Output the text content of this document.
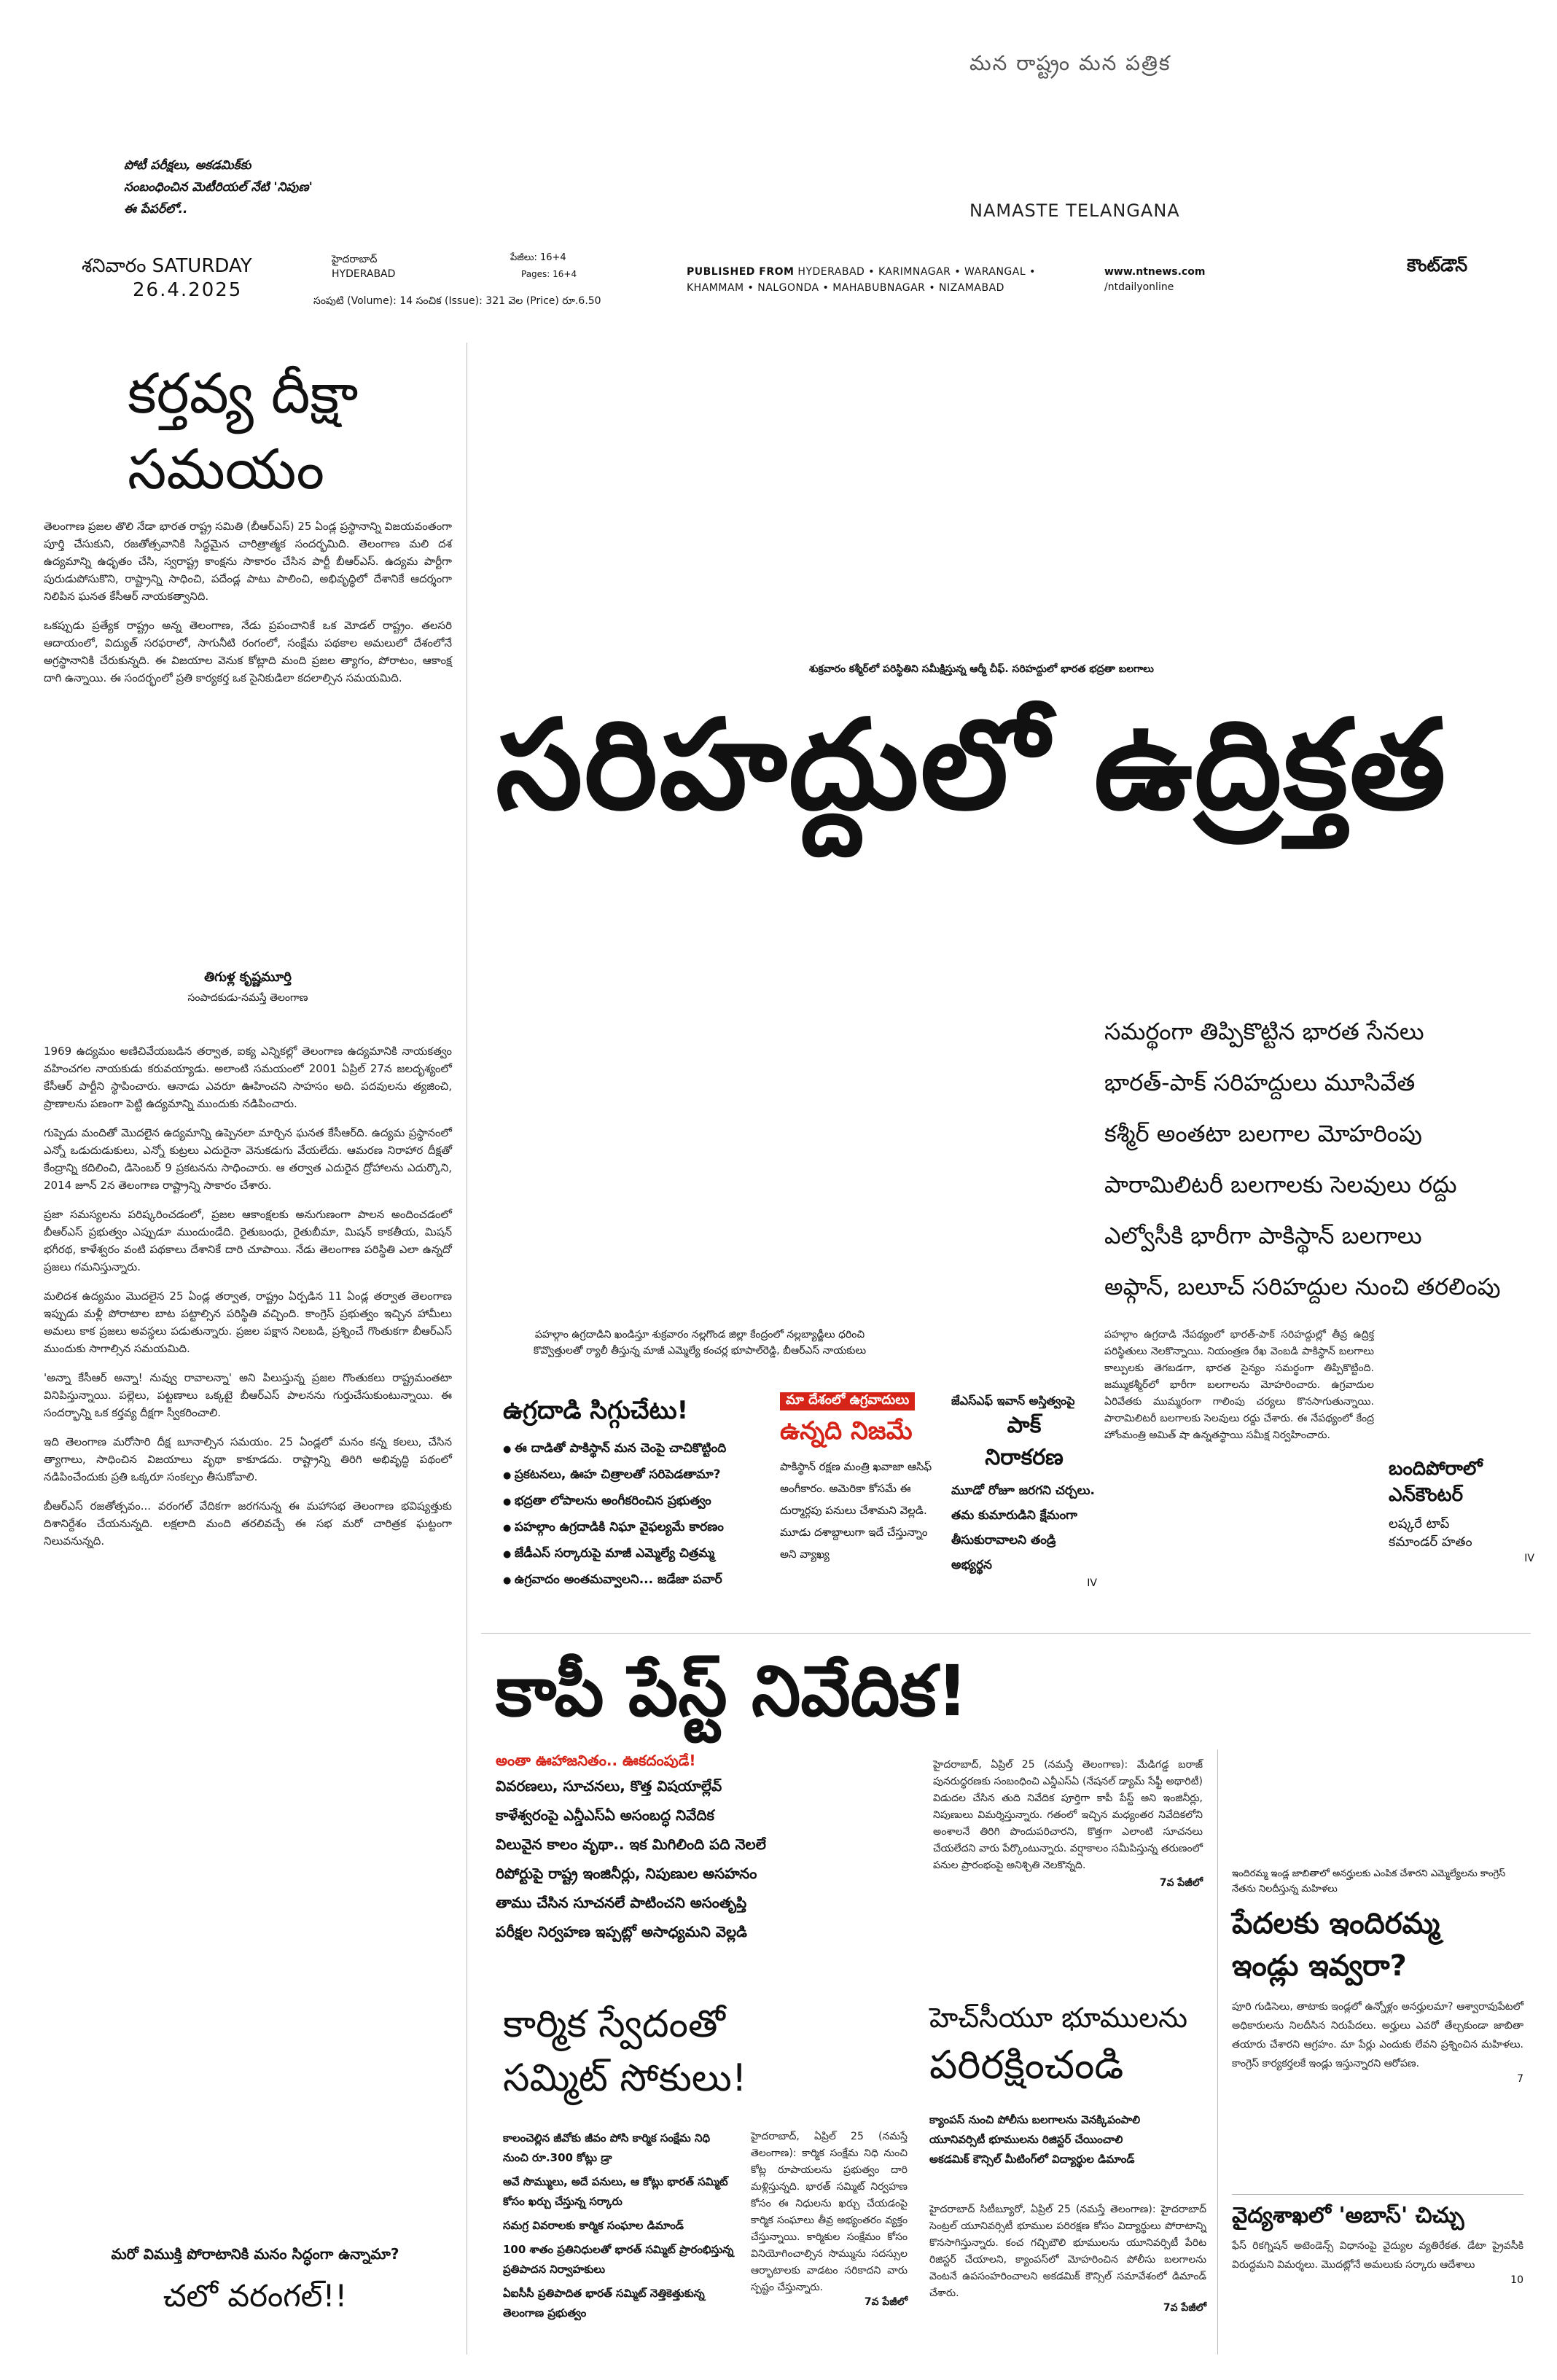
మన రాష్ట్రం మన పత్రిక
పోటీ పరీక్షలు, అకడమిక్‌కు సంబంధించిన మెటీరియల్ నేటి 'నిపుణ' ఈ పేపర్‌లో..	NAMASTE TELANGANA
శనివారం SATURDAY
26.4.2025
హైదరాబాద్
HYDERABAD
పేజీలు: 16+4
Pages: 16+4
సంపుటి (Volume): 14 సంచిక (Issue): 321 వెల (Price) రూ.6.50
PUBLISHED FROM HYDERABAD • KARIMNAGAR • WARANGAL • KHAMMAM • NALGONDA • MAHABUBNAGAR • NIZAMABAD
www.ntnews.com
/ntdailyonline
కౌంట్‌డౌన్
కర్తవ్య దీక్షా
సమయం

తెలంగాణ ప్రజల తొలి నేడా భారత రాష్ట్ర సమితి (బీఆర్‌ఎస్) 25 ఏండ్ల ప్రస్థానాన్ని విజయవంతంగా పూర్తి చేసుకుని, రజతోత్సవానికి సిద్ధమైన చారిత్రాత్మక సందర్భమిది. తెలంగాణ మలి దశ ఉద్యమాన్ని ఉధృతం చేసి, స్వరాష్ట్ర కాంక్షను సాకారం చేసిన పార్టీ బీఆర్‌ఎస్. ఉద్యమ పార్టీగా పురుడుపోసుకొని, రాష్ట్రాన్ని సాధించి, పదేండ్ల పాటు పాలించి, అభివృద్ధిలో దేశానికే ఆదర్శంగా నిలిపిన ఘనత కేసీఆర్ నాయకత్వానిది.

ఒకప్పుడు ప్రత్యేక రాష్ట్రం అన్న తెలంగాణ, నేడు ప్రపంచానికే ఒక మోడల్ రాష్ట్రం. తలసరి ఆదాయంలో, విద్యుత్ సరఫరాలో, సాగునీటి రంగంలో, సంక్షేమ పథకాల అమలులో దేశంలోనే అగ్రస్థానానికి చేరుకున్నది. ఈ విజయాల వెనుక కోట్లాది మంది ప్రజల త్యాగం, పోరాటం, ఆకాంక్ష దాగి ఉన్నాయి. ఈ సందర్భంలో ప్రతి కార్యకర్త ఒక సైనికుడిలా కదలాల్సిన సమయమిది.

తిగుళ్ల కృష్ణమూర్తి
సంపాదకుడు-నమస్తే తెలంగాణ

1969 ఉద్యమం అణిచివేయబడిన తర్వాత, ఐక్య ఎన్నికల్లో తెలంగాణ ఉద్యమానికి నాయకత్వం వహించగల నాయకుడు కరువయ్యాడు. అలాంటి సమయంలో 2001 ఏప్రిల్ 27న జలదృశ్యంలో కేసీఆర్ పార్టీని స్థాపించారు. ఆనాడు ఎవరూ ఊహించని సాహసం అది. పదవులను త్యజించి, ప్రాణాలను పణంగా పెట్టి ఉద్యమాన్ని ముందుకు నడిపించారు.

గుప్పెడు మందితో మొదలైన ఉద్యమాన్ని ఉప్పెనలా మార్చిన ఘనత కేసీఆర్‌ది. ఉద్యమ ప్రస్థానంలో ఎన్నో ఒడుదుడుకులు, ఎన్నో కుట్రలు ఎదురైనా వెనుకడుగు వేయలేదు. ఆమరణ నిరాహార దీక్షతో కేంద్రాన్ని కదిలించి, డిసెంబర్ 9 ప్రకటనను సాధించారు. ఆ తర్వాత ఎదురైన ద్రోహాలను ఎదుర్కొని, 2014 జూన్ 2న తెలంగాణ రాష్ట్రాన్ని సాకారం చేశారు.

ప్రజా సమస్యలను పరిష్కరించడంలో, ప్రజల ఆకాంక్షలకు అనుగుణంగా పాలన అందించడంలో బీఆర్‌ఎస్ ప్రభుత్వం ఎప్పుడూ ముందుండేది. రైతుబంధు, రైతుబీమా, మిషన్ కాకతీయ, మిషన్ భగీరథ, కాళేశ్వరం వంటి పథకాలు దేశానికే దారి చూపాయి. నేడు తెలంగాణ పరిస్థితి ఎలా ఉన్నదో ప్రజలు గమనిస్తున్నారు.

మలిదశ ఉద్యమం మొదలైన 25 ఏండ్ల తర్వాత, రాష్ట్రం ఏర్పడిన 11 ఏండ్ల తర్వాత తెలంగాణ ఇప్పుడు మళ్లీ పోరాటాల బాట పట్టాల్సిన పరిస్థితి వచ్చింది. కాంగ్రెస్ ప్రభుత్వం ఇచ్చిన హామీలు అమలు కాక ప్రజలు అవస్థలు పడుతున్నారు. ప్రజల పక్షాన నిలబడి, ప్రశ్నించే గొంతుకగా బీఆర్‌ఎస్ ముందుకు సాగాల్సిన సమయమిది.

'అన్నా కేసీఆర్ అన్నా! నువ్వు రావాలన్నా' అని పిలుస్తున్న ప్రజల గొంతుకలు రాష్ట్రమంతటా వినిపిస్తున్నాయి. పల్లెలు, పట్టణాలు ఒక్కటై బీఆర్‌ఎస్ పాలనను గుర్తుచేసుకుంటున్నాయి. ఈ సందర్భాన్ని ఒక కర్తవ్య దీక్షగా స్వీకరించాలి.

ఇది తెలంగాణ మరోసారి దీక్ష బూనాల్సిన సమయం. 25 ఏండ్లలో మనం కన్న కలలు, చేసిన త్యాగాలు, సాధించిన విజయాలు వృథా కాకూడదు. రాష్ట్రాన్ని తిరిగి అభివృద్ధి పథంలో నడిపించేందుకు ప్రతి ఒక్కరూ సంకల్పం తీసుకోవాలి.

బీఆర్‌ఎస్ రజతోత్సవం... వరంగల్ వేదికగా జరగనున్న ఈ మహాసభ తెలంగాణ భవిష్యత్తుకు దిశానిర్దేశం చేయనున్నది. లక్షలాది మంది తరలివచ్చే ఈ సభ మరో చారిత్రక ఘట్టంగా నిలువనున్నది.

మరో విముక్తి పోరాటానికి మనం సిద్ధంగా ఉన్నామా?
చలో వరంగల్!!
శుక్రవారం కశ్మీర్‌లో పరిస్థితిని సమీక్షిస్తున్న ఆర్మీ చీఫ్. సరిహద్దులో భారత భద్రతా బలగాలు
సరిహద్దులో ఉద్రిక్తత
సమర్థంగా తిప్పికొట్టిన భారత సేనలు
భారత్-పాక్ సరిహద్దులు మూసివేత
కశ్మీర్ అంతటా బలగాల మోహరింపు
పారామిలిటరీ బలగాలకు సెలవులు రద్దు
ఎల్వోసీకి భారీగా పాకిస్థాన్ బలగాలు
అఫ్గాన్, బలూచ్ సరిహద్దుల నుంచి తరలింపు

పహల్గాం ఉగ్రదాడి నేపథ్యంలో భారత్-పాక్ సరిహద్దుల్లో తీవ్ర ఉద్రిక్త పరిస్థితులు నెలకొన్నాయి. నియంత్రణ రేఖ వెంబడి పాకిస్థాన్ బలగాలు కాల్పులకు తెగబడగా, భారత సైన్యం సమర్థంగా తిప్పికొట్టింది. జమ్ముకశ్మీర్‌లో భారీగా బలగాలను మోహరించారు. ఉగ్రవాదుల ఏరివేతకు ముమ్మరంగా గాలింపు చర్యలు కొనసాగుతున్నాయి. పారామిలిటరీ బలగాలకు సెలవులు రద్దు చేశారు. ఈ నేపథ్యంలో కేంద్ర హోంమంత్రి అమిత్ షా ఉన్నతస్థాయి సమీక్ష నిర్వహించారు.

బందిపోరాలో
ఎన్‌కౌంటర్
లష్కరే టాప్
కమాండర్ హతం
IV
పహల్గాం ఉగ్రదాడిని ఖండిస్తూ శుక్రవారం నల్లగొండ జిల్లా కేంద్రంలో నల్లబ్యాడ్జీలు ధరించి కొవ్వొత్తులతో ర్యాలీ తీస్తున్న మాజీ ఎమ్మెల్యే కంచర్ల భూపాల్‌రెడ్డి, బీఆర్‌ఎస్ నాయకులు
ఉగ్రదాడి సిగ్గుచేటు!
● ఈ దాడితో పాకిస్థాన్ మన చెంపై చాచికొట్టింది
● ప్రకటనలు, ఊహ చిత్రాలతో సరిపెడతామా?
● భద్రతా లోపాలను అంగీకరించిన ప్రభుత్వం
● పహల్గాం ఉగ్రదాడికి నిఘా వైఫల్యమే కారణం
● జేడీఎస్ సర్కారుపై మాజీ ఎమ్మెల్యే చిత్రమ్మ
● ఉగ్రవాదం అంతమవ్వాలని... జడేజా పవార్
మా దేశంలో ఉగ్రవాదులు
ఉన్నది నిజమే

పాకిస్థాన్ రక్షణ మంత్రి ఖవాజా ఆసిఫ్ అంగీకారం. అమెరికా కోసమే ఈ దుర్మార్గపు పనులు చేశామని వెల్లడి. మూడు దశాబ్దాలుగా ఇదే చేస్తున్నాం అని వ్యాఖ్య

జేఎస్‌ఎఫ్ ఇవాన్ అస్తిత్వంపై
పాక్
నిరాకరణ

మూడో రోజూ జరగని చర్చలు. తమ కుమారుడిని క్షేమంగా తీసుకురావాలని తండ్రి అభ్యర్థన

IV
కాపీ పేస్ట్ నివేదిక!
అంతా ఊహాజనితం.. ఊకదంపుడే!
వివరణలు, సూచనలు, కొత్త విషయాల్లేవ్
కాళేశ్వరంపై ఎన్డీఎస్‌ఏ అసంబద్ధ నివేదిక
విలువైన కాలం వృథా.. ఇక మిగిలింది పది నెలలే
రిపోర్టుపై రాష్ట్ర ఇంజినీర్లు, నిపుణుల అసహనం
తాము చేసిన సూచనలే పాటించని అసంతృప్తి
పరీక్షల నిర్వహణ ఇప్పట్లో అసాధ్యమని వెల్లడి

హైదరాబాద్, ఏప్రిల్ 25 (నమస్తే తెలంగాణ): మేడిగడ్డ బరాజ్ పునరుద్ధరణకు సంబంధించి ఎన్డీఎస్‌ఏ (నేషనల్ డ్యామ్ సేఫ్టీ అథారిటీ) విడుదల చేసిన తుది నివేదిక పూర్తిగా కాపీ పేస్ట్ అని ఇంజినీర్లు, నిపుణులు విమర్శిస్తున్నారు. గతంలో ఇచ్చిన మధ్యంతర నివేదికలోని అంశాలనే తిరిగి పొందుపరిచారని, కొత్తగా ఎలాంటి సూచనలు చేయలేదని వారు పేర్కొంటున్నారు. వర్షాకాలం సమీపిస్తున్న తరుణంలో పనుల ప్రారంభంపై అనిశ్చితి నెలకొన్నది.

7వ పేజీలో
కార్మిక స్వేదంతో
సమ్మిట్ సోకులు!
కాలంచెల్లిన జీవోకు జీవం పోసి కార్మిక సంక్షేమ నిధి నుంచి రూ.300 కోట్లు డ్రా
అవే సొమ్ములు, అదే పనులు, ఆ కోట్లు భారత్ సమ్మిట్ కోసం ఖర్చు చేస్తున్న సర్కారు
సమగ్ర వివరాలకు కార్మిక సంఘాల డిమాండ్
100 శాతం ప్రతినిధులతో భారత్ సమ్మిట్ ప్రారంభిస్తున్న ప్రతిపాదన నిర్వాహకులు
ఏఐసీసీ ప్రతిపాదిత భారత్ సమ్మిట్ నెత్తికెత్తుకున్న తెలంగాణ ప్రభుత్వం

హైదరాబాద్, ఏప్రిల్ 25 (నమస్తే తెలంగాణ): కార్మిక సంక్షేమ నిధి నుంచి కోట్ల రూపాయలను ప్రభుత్వం దారి మళ్లిస్తున్నది. భారత్ సమ్మిట్ నిర్వహణ కోసం ఈ నిధులను ఖర్చు చేయడంపై కార్మిక సంఘాలు తీవ్ర అభ్యంతరం వ్యక్తం చేస్తున్నాయి. కార్మికుల సంక్షేమం కోసం వినియోగించాల్సిన సొమ్మును సదస్సుల ఆర్భాటాలకు వాడటం సరికాదని వారు స్పష్టం చేస్తున్నారు.

7వ పేజీలో
హెచ్‌సీయూ భూములను
పరిరక్షించండి
క్యాంపస్ నుంచి పోలీసు బలగాలను వెనక్కిపంపాలి
యూనివర్సిటీ భూములను రిజిస్టర్ చేయించాలి
అకడమిక్ కౌన్సిల్ మీటింగ్‌లో విద్యార్థుల డిమాండ్

హైదరాబాద్ సిటీబ్యూరో, ఏప్రిల్ 25 (నమస్తే తెలంగాణ): హైదరాబాద్ సెంట్రల్ యూనివర్సిటీ భూముల పరిరక్షణ కోసం విద్యార్థులు పోరాటాన్ని కొనసాగిస్తున్నారు. కంచ గచ్చిబౌలి భూములను యూనివర్సిటీ పేరిట రిజిస్టర్ చేయాలని, క్యాంపస్‌లో మోహరించిన పోలీసు బలగాలను వెంటనే ఉపసంహరించాలని అకడమిక్ కౌన్సిల్ సమావేశంలో డిమాండ్ చేశారు.

7వ పేజీలో
ఇందిరమ్మ ఇండ్ల జాబితాలో అనర్హులకు ఎంపిక చేశారని ఎమ్మెల్యేలను కాంగ్రెస్ నేతను నిలదీస్తున్న మహిళలు
పేదలకు ఇందిరమ్మ
ఇండ్లు ఇవ్వరా?

పూరి గుడిసెలు, తాటాకు ఇండ్లలో ఉన్నోళ్లం అనర్హులమా? ఆశ్వారావుపేటలో అధికారులను నిలదీసిన నిరుపేదలు. అర్హులు ఎవరో తేల్చకుండా జాబితా తయారు చేశారని ఆగ్రహం. మా పేర్లు ఎందుకు లేవని ప్రశ్నించిన మహిళలు. కాంగ్రెస్ కార్యకర్తలకే ఇండ్లు ఇస్తున్నారని ఆరోపణ.

7
వైద్యశాఖలో 'అబాస్' చిచ్చు

ఫేస్ రికగ్నిషన్ అటెండెన్స్ విధానంపై వైద్యుల వ్యతిరేకత. డేటా ప్రైవసీకి విరుద్ధమని విమర్శలు. మొదట్లోనే అమలుకు సర్కారు ఆదేశాలు

10
